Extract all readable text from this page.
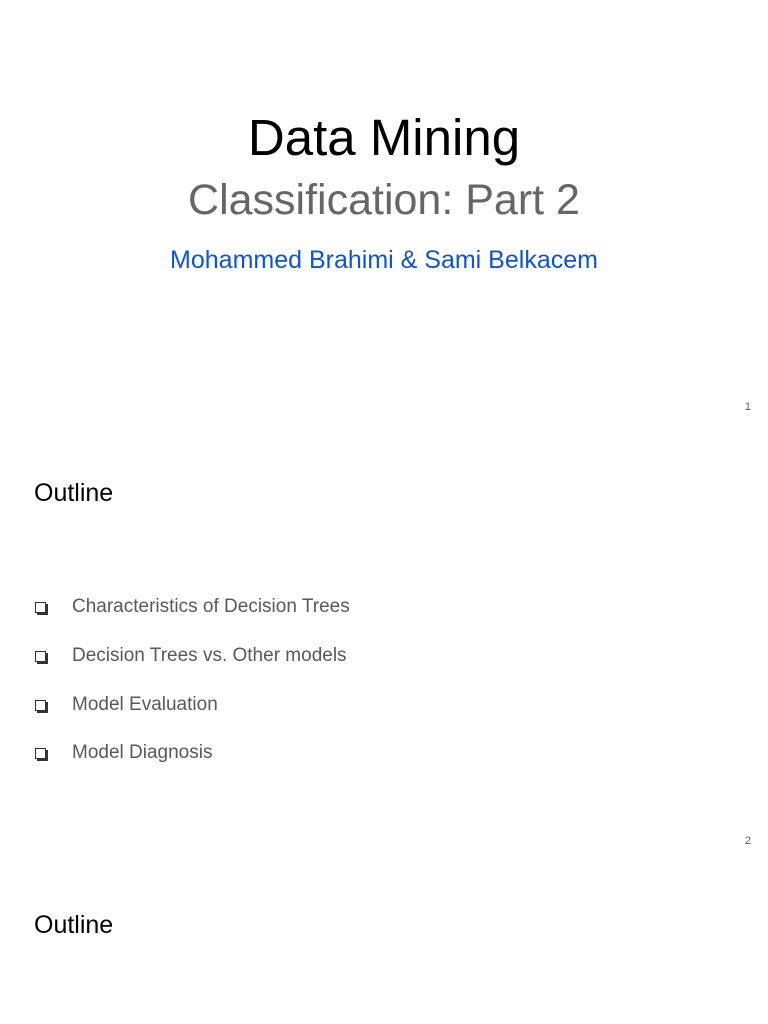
Data Mining
Classification: Part 2
Mohammed Brahimi & Sami Belkacem
1
Outline
Characteristics of Decision Trees
Decision Trees vs. Other models
Model Evaluation
Model Diagnosis
2
Outline
